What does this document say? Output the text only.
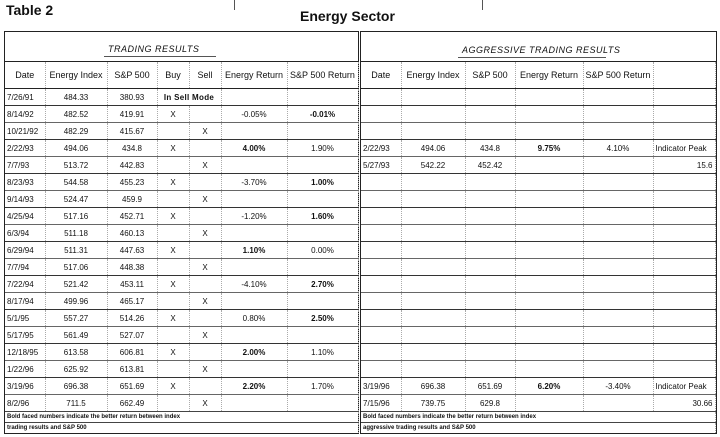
Table 2	Energy Sector
TRADING RESULTS	AGGRESSIVE TRADING RESULTS
Date	Energy Index	S&P 500	Buy	Sell	Energy Return	S&P 500 Return
7/26/91	484.33	380.93	In Sell Mode			
8/14/92	482.52	419.91	X		-0.05%	-0.01%
10/21/92	482.29	415.67		X		
2/22/93	494.06	434.8	X		4.00%	1.90%
7/7/93	513.72	442.83		X		
8/23/93	544.58	455.23	X		-3.70%	1.00%
9/14/93	524.47	459.9		X		
4/25/94	517.16	452.71	X		-1.20%	1.60%
6/3/94	511.18	460.13		X		
6/29/94	511.31	447.63	X		1.10%	0.00%
7/7/94	517.06	448.38		X		
7/22/94	521.42	453.11	X		-4.10%	2.70%
8/17/94	499.96	465.17		X		
5/1/95	557.27	514.26	X		0.80%	2.50%
5/17/95	561.49	527.07		X		
12/18/95	613.58	606.81	X		2.00%	1.10%
1/22/96	625.92	613.81		X		
3/19/96	696.38	651.69	X		2.20%	1.70%
8/2/96	711.5	662.49		X		
Bold faced numbers indicate the better return between index						
trading results and S&P 500						
Date	Energy Index	S&P 500	Energy Return	S&P 500 Return	

2/22/93	494.06	434.8	9.75%	4.10%	Indicator Peak
5/27/93	542.22	452.42			15.6

3/19/96	696.38	651.69	6.20%	-3.40%	Indicator Peak
7/15/96	739.75	629.8			30.66
Bold faced numbers indicate the better return between index					
aggressive trading results and S&P 500					
